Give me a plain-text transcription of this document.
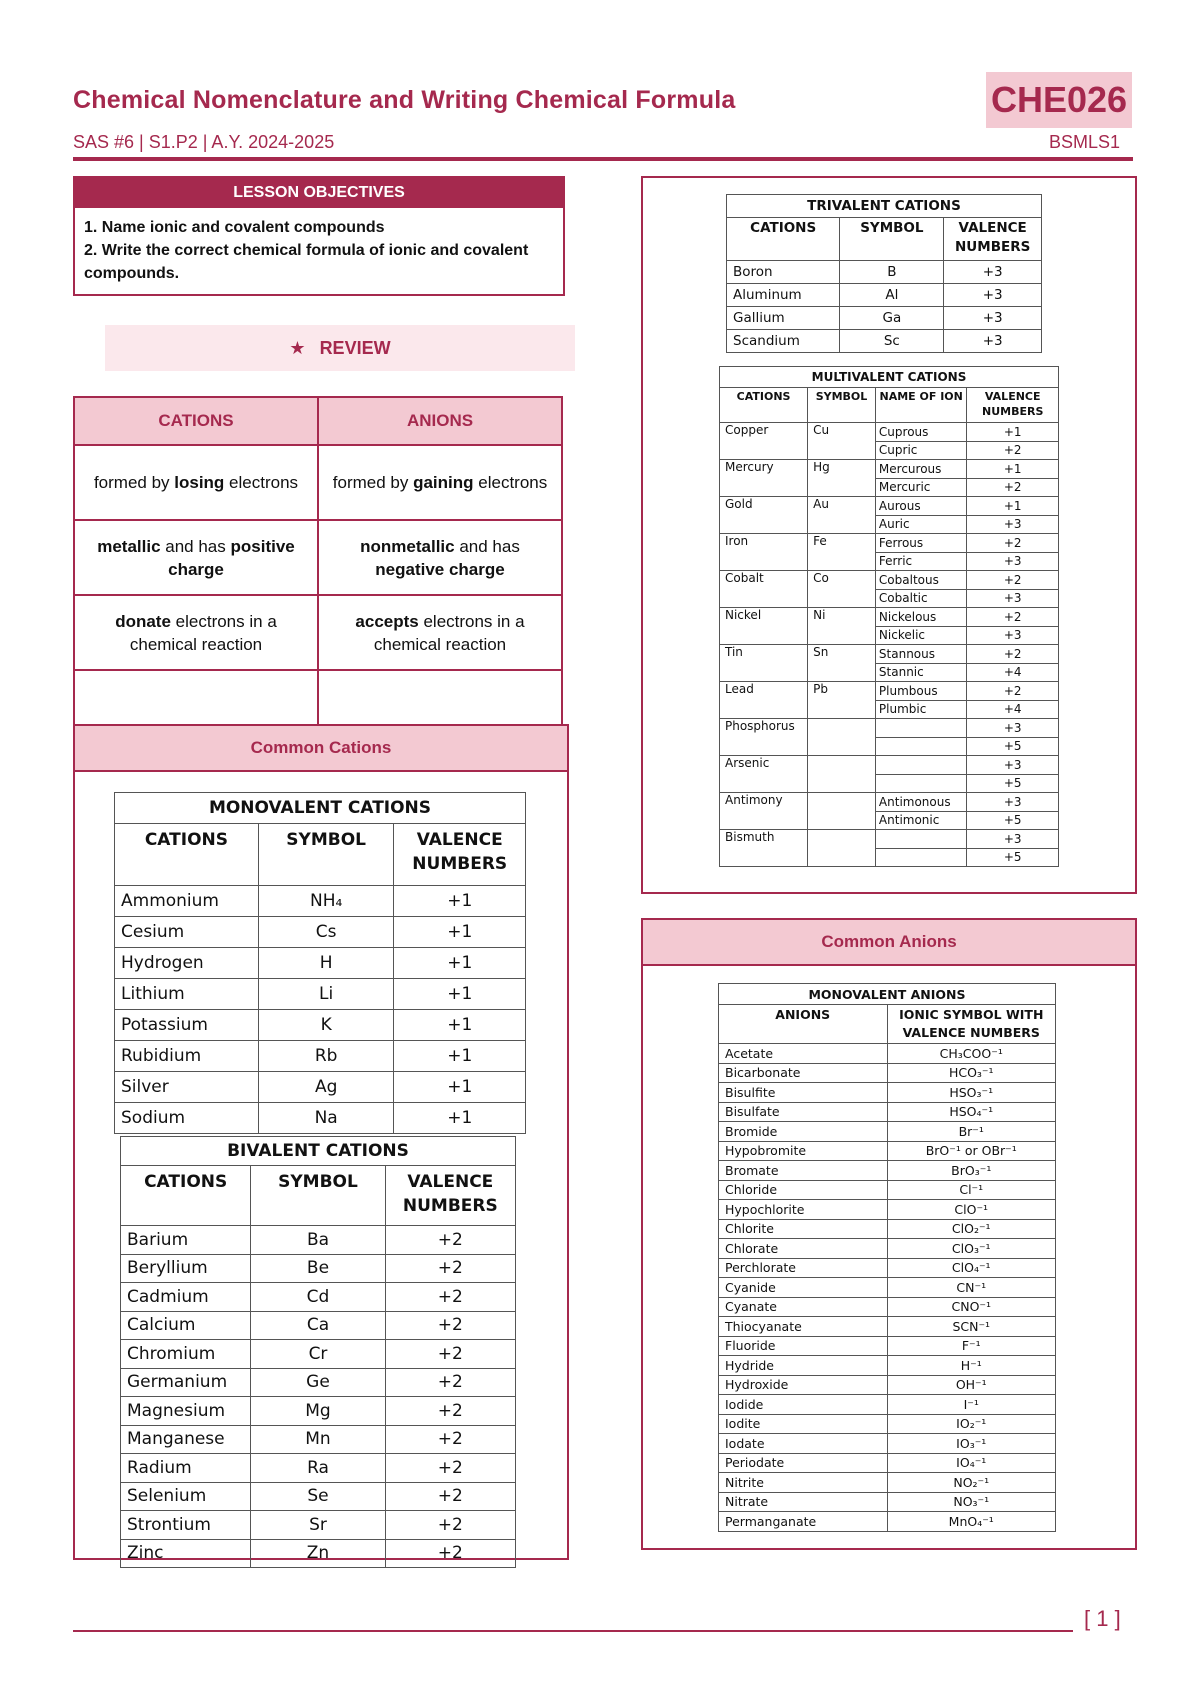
Chemical Nomenclature and Writing Chemical Formula	CHE026
SAS #6 | S1.P2 | A.Y. 2024-2025	BSMLS1
LESSON OBJECTIVES
1. Name ionic and covalent compounds
2. Write the correct chemical formula of ionic and covalent compounds.
★ REVIEW
CATIONS	ANIONS
formed by losing electrons	formed by gaining electrons
metallic and has positive charge	nonmetallic and has negative charge
donate electrons in a chemical reaction	accepts electrons in a chemical reaction

Common Cations
MONOVALENT CATIONS		
CATIONS	SYMBOL	VALENCE NUMBERS
Ammonium	NH₄	+1
Cesium	Cs	+1
Hydrogen	H	+1
Lithium	Li	+1
Potassium	K	+1
Rubidium	Rb	+1
Silver	Ag	+1
Sodium	Na	+1
BIVALENT CATIONS		
CATIONS	SYMBOL	VALENCE NUMBERS
Barium	Ba	+2
Beryllium	Be	+2
Cadmium	Cd	+2
Calcium	Ca	+2
Chromium	Cr	+2
Germanium	Ge	+2
Magnesium	Mg	+2
Manganese	Mn	+2
Radium	Ra	+2
Selenium	Se	+2
Strontium	Sr	+2
Zinc	Zn	+2
TRIVALENT CATIONS		
CATIONS	SYMBOL	VALENCE NUMBERS
Boron	B	+3
Aluminum	Al	+3
Gallium	Ga	+3
Scandium	Sc	+3
MULTIVALENT CATIONS			
CATIONS	SYMBOL	NAME OF ION	VALENCE NUMBERS
Copper	Cu	Cuprous	+1
		Cupric	+2
Mercury	Hg	Mercurous	+1
		Mercuric	+2
Gold	Au	Aurous	+1
		Auric	+3
Iron	Fe	Ferrous	+2
		Ferric	+3
Cobalt	Co	Cobaltous	+2
		Cobaltic	+3
Nickel	Ni	Nickelous	+2
		Nickelic	+3
Tin	Sn	Stannous	+2
		Stannic	+4
Lead	Pb	Plumbous	+2
		Plumbic	+4
Phosphorus			+3
			+5
Arsenic			+3
			+5
Antimony		Antimonous	+3
		Antimonic	+5
Bismuth			+3
			+5
Common Anions
MONOVALENT ANIONS	
ANIONS	IONIC SYMBOL WITH VALENCE NUMBERS
Acetate	CH₃COO⁻¹
Bicarbonate	HCO₃⁻¹
Bisulfite	HSO₃⁻¹
Bisulfate	HSO₄⁻¹
Bromide	Br⁻¹
Hypobromite	BrO⁻¹ or OBr⁻¹
Bromate	BrO₃⁻¹
Chloride	Cl⁻¹
Hypochlorite	ClO⁻¹
Chlorite	ClO₂⁻¹
Chlorate	ClO₃⁻¹
Perchlorate	ClO₄⁻¹
Cyanide	CN⁻¹
Cyanate	CNO⁻¹
Thiocyanate	SCN⁻¹
Fluoride	F⁻¹
Hydride	H⁻¹
Hydroxide	OH⁻¹
Iodide	I⁻¹
Iodite	IO₂⁻¹
Iodate	IO₃⁻¹
Periodate	IO₄⁻¹
Nitrite	NO₂⁻¹
Nitrate	NO₃⁻¹
Permanganate	MnO₄⁻¹
[ 1 ]
